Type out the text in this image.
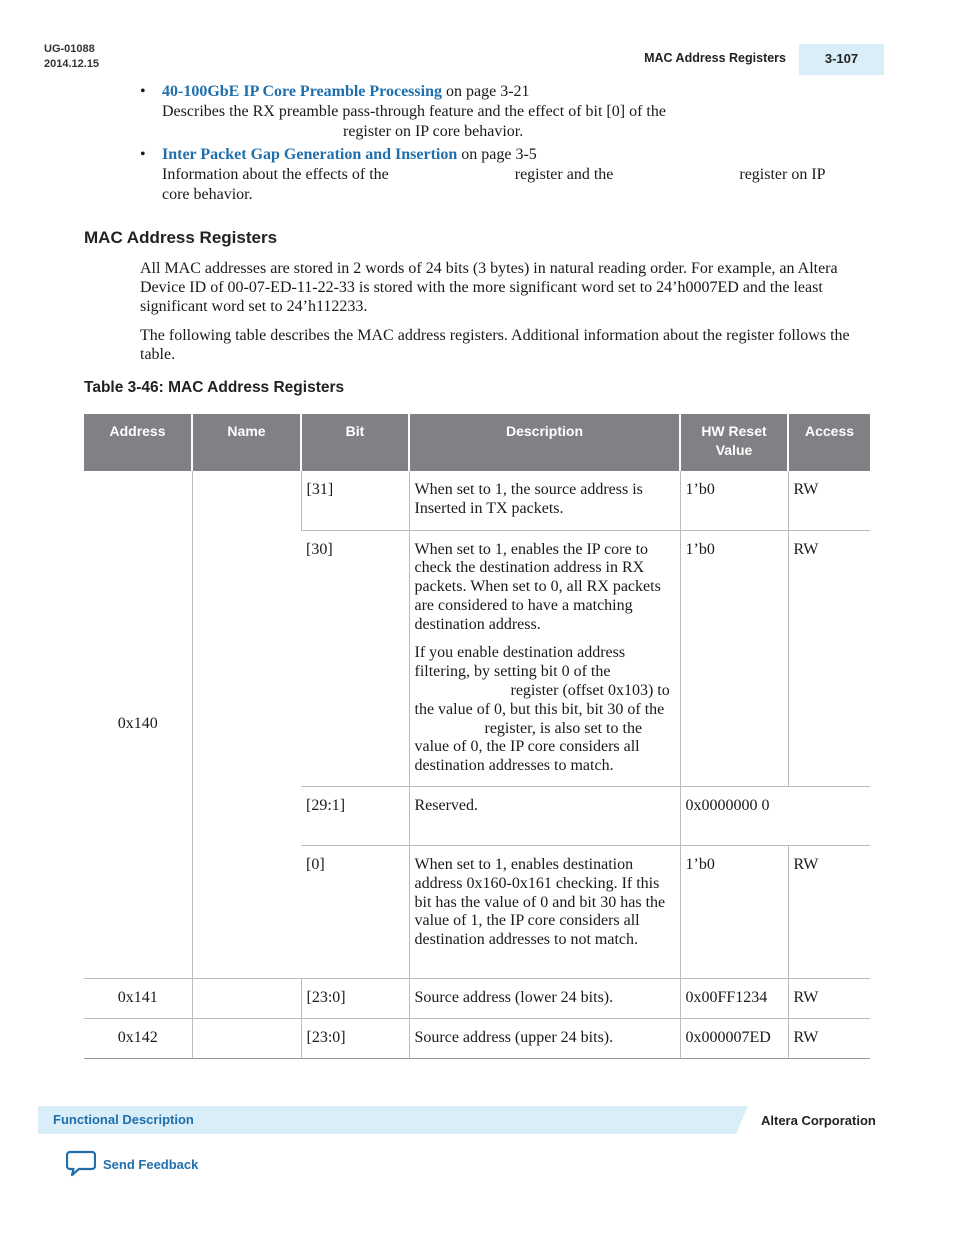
UG-01088
2014.12.15	MAC Address Registers	3-107
• 40-100GbE IP Core Preamble Processing on page 3-21
Describes the RX preamble pass-through feature and the effect of bit [0] of the
register on IP core behavior.
• Inter Packet Gap Generation and Insertion on page 3-5
Information about the effects of the	register and the	register on IP
core behavior.
MAC Address Registers
All MAC addresses are stored in 2 words of 24 bits (3 bytes) in natural reading order. For example, an Altera Device ID of 00-07-ED-11-22-33 is stored with the more significant word set to 24’h0007ED and the least significant word set to 24’h112233.
The following table describes the MAC address registers. Additional information about the register follows the table.
Table 3-46: MAC Address Registers
Address	Name	Bit	Description	HW Reset Value	Access
0x140		[31]	When set to 1, the source address is Inserted in TX packets.	1’b0	RW
		[30]	When set to 1, enables the IP core to check the destination address in RX packets. When set to 0, all RX packets are considered to have a matching destination address.
If you enable destination address filtering, by setting bit 0 of the
register (offset 0x103) to the value of 0, but this bit, bit 30 of theregister, is also set to the value of 0, the IP core considers all destination addresses to match.	1’b0	RW
		[29:1]	Reserved.	0x0000000 0	
		[0]	When set to 1, enables destination address 0x160-0x161 checking. If this bit has the value of 0 and bit 30 has the value of 1, the IP core considers all destination addresses to not match.	1’b0	RW
0x141		[23:0]	Source address (lower 24 bits).	0x00FF1234	RW
0x142		[23:0]	Source address (upper 24 bits).	0x000007ED	RW
Functional Description	Altera Corporation
Send Feedback
